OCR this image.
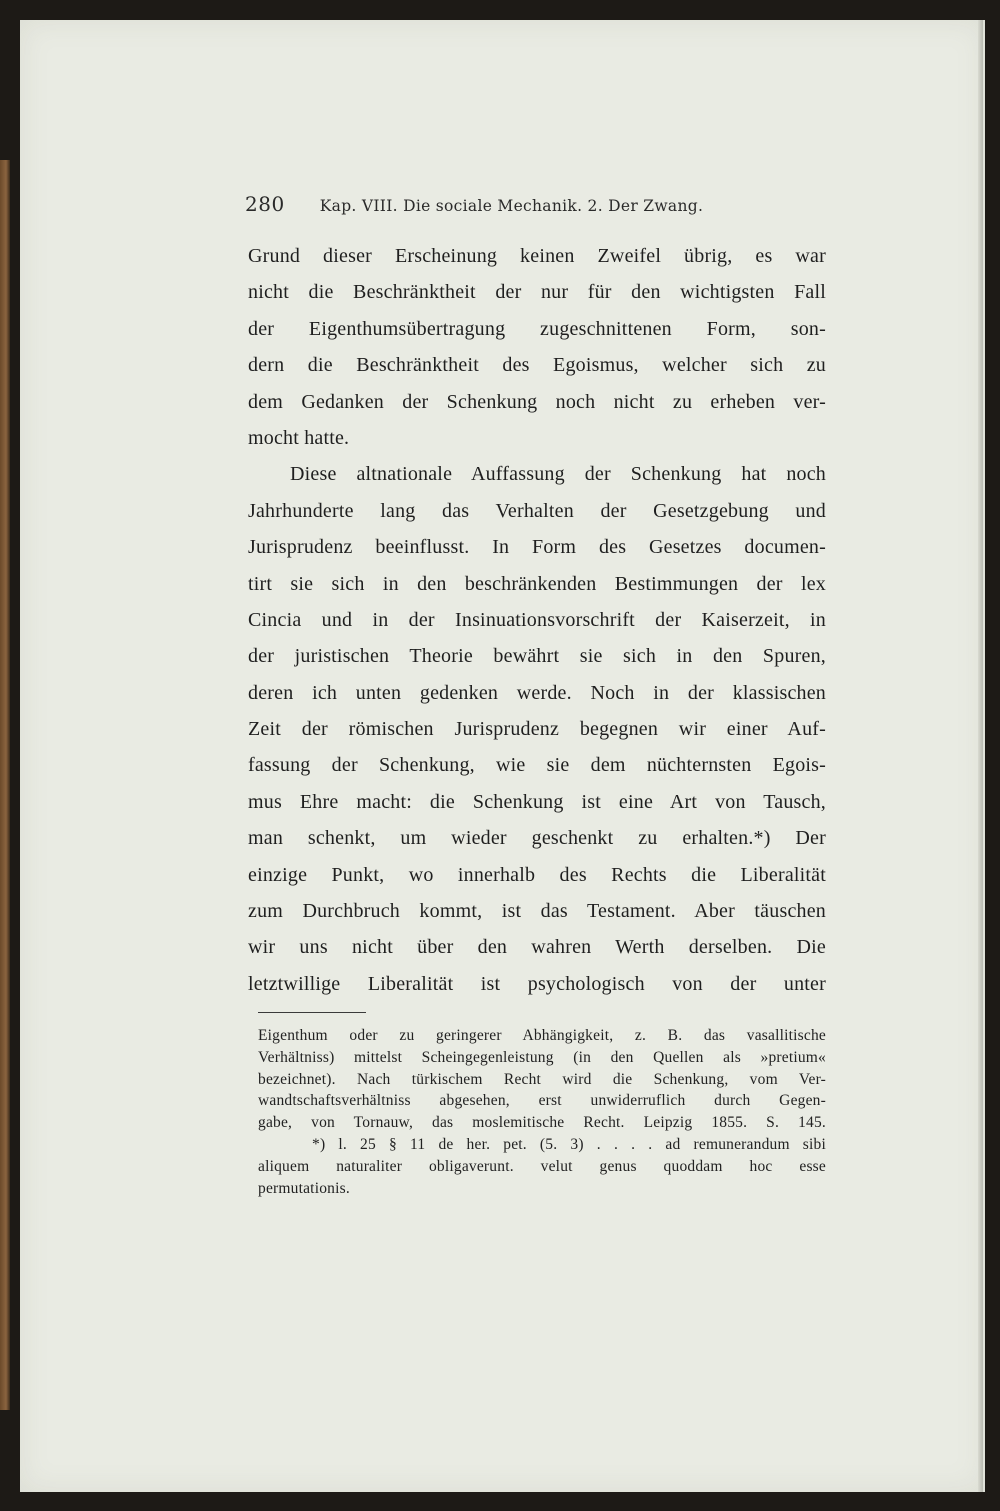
280 Kap. VIII. Die sociale Mechanik. 2. Der Zwang.
Grund dieser Erscheinung keinen Zweifel übrig, es war
nicht die Beschränktheit der nur für den wichtigsten Fall
der Eigenthumsübertragung zugeschnittenen Form, son-
dern die Beschränktheit des Egoismus, welcher sich zu
dem Gedanken der Schenkung noch nicht zu erheben ver-
mocht hatte.
Diese altnationale Auffassung der Schenkung hat noch
Jahrhunderte lang das Verhalten der Gesetzgebung und
Jurisprudenz beeinflusst. In Form des Gesetzes documen-
tirt sie sich in den beschränkenden Bestimmungen der lex
Cincia und in der Insinuationsvorschrift der Kaiserzeit, in
der juristischen Theorie bewährt sie sich in den Spuren,
deren ich unten gedenken werde. Noch in der klassischen
Zeit der römischen Jurisprudenz begegnen wir einer Auf-
fassung der Schenkung, wie sie dem nüchternsten Egois-
mus Ehre macht: die Schenkung ist eine Art von Tausch,
man schenkt, um wieder geschenkt zu erhalten.*) Der
einzige Punkt, wo innerhalb des Rechts die Liberalität
zum Durchbruch kommt, ist das Testament. Aber täuschen
wir uns nicht über den wahren Werth derselben. Die
letztwillige Liberalität ist psychologisch von der unter
Eigenthum oder zu geringerer Abhängigkeit, z. B. das vasallitische
Verhältniss) mittelst Scheingegenleistung (in den Quellen als »pretium«
bezeichnet). Nach türkischem Recht wird die Schenkung, vom Ver-
wandtschaftsverhältniss abgesehen, erst unwiderruflich durch Gegen-
gabe, von Tornauw, das moslemitische Recht. Leipzig 1855. S. 145.
*) l. 25 § 11 de her. pet. (5. 3) . . . . ad remunerandum sibi
aliquem naturaliter obligaverunt. velut genus quoddam hoc esse
permutationis.
